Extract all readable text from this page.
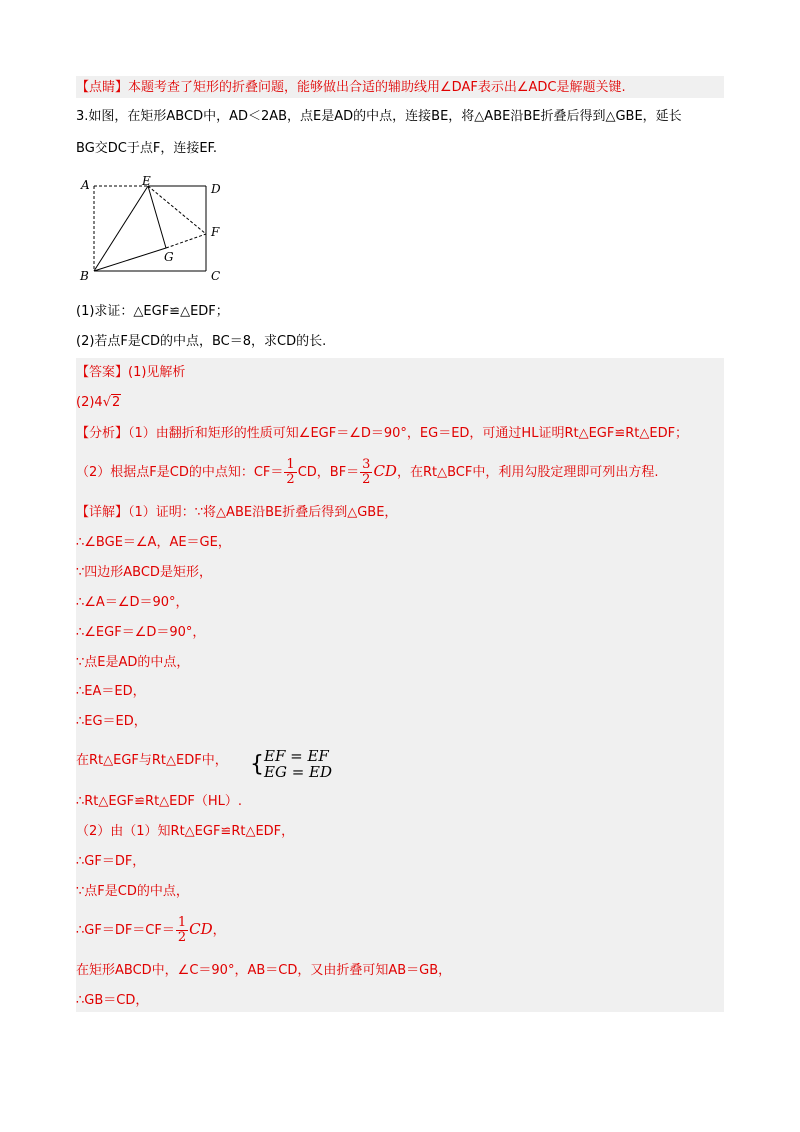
【点睛】本题考查了矩形的折叠问题，能够做出合适的辅助线用∠DAF表示出∠ADC是解题关键.
3.如图，在矩形ABCD中，AD＜2AB，点E是AD的中点，连接BE，将△ABE沿BE折叠后得到△GBE，延长
BG交DC于点F，连接EF.
A	E
D
F
G
B	C
(1)求证：△EGF≌△EDF；
(2)若点F是CD的中点，BC＝8，求CD的长.
【答案】(1)见解析
(2)4√2
【分析】（1）由翻折和矩形的性质可知∠EGF＝∠D＝90°，EG＝ED，可通过HL证明Rt△EGF≌Rt△EDF；
（2）根据点F是CD的中点知：$CF= \frac{1}{2}$ CD，$BF= \frac{3}{2}$ CD，在Rt△BCF中，利用勾股定理即可列出方程.
【详解】（1）证明：∵将△ABE沿BE折叠后得到△GBE，
∴∠BGE＝∠A，AE＝GE，
∵四边形ABCD是矩形，
∴∠A＝∠D＝90°，
∴∠EGF＝∠D＝90°，
∵点E是AD的中点，
∴EA＝ED，
∴EG＝ED，
在Rt△EGF与Rt△EDF中， { EF = EF
EG = ED
∴Rt△EGF≌Rt△EDF（HL）.
（2）由（1）知Rt△EGF≌Rt△EDF，
∴GF＝DF，
∵点F是CD的中点，
∴GF＝DF＝CF＝ $\frac{1}{2}$ CD，
在矩形ABCD中，∠C＝90°，AB＝CD，又由折叠可知AB＝GB，
∴GB＝CD，
